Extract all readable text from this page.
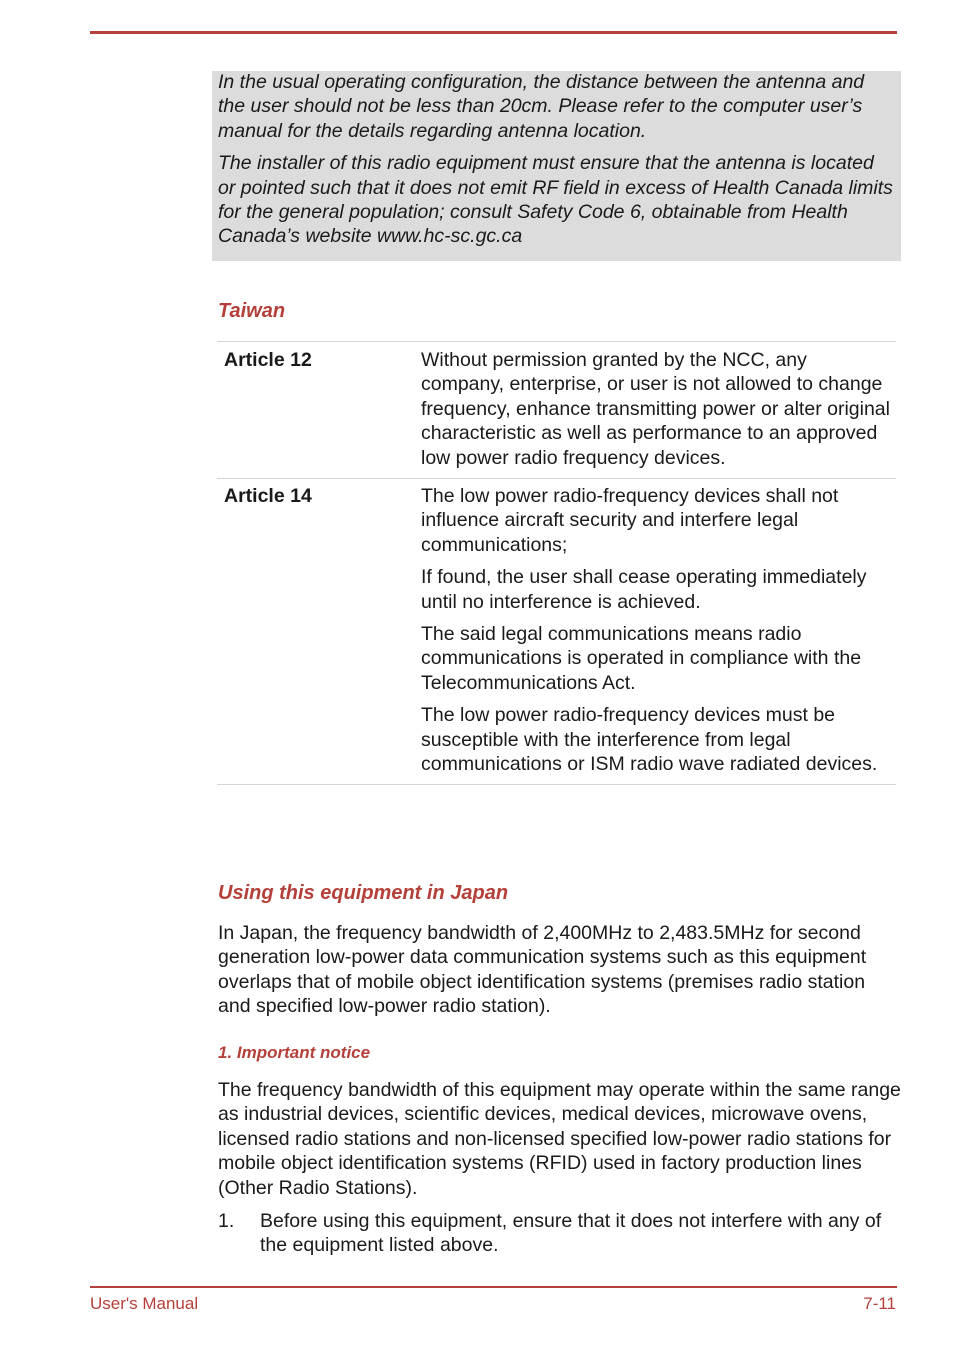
In the usual operating configuration, the distance between the antenna and the user should not be less than 20cm. Please refer to the computer user’s manual for the details regarding antenna location.

The installer of this radio equipment must ensure that the antenna is located or pointed such that it does not emit RF field in excess of Health Canada limits for the general population; consult Safety Code 6, obtainable from Health Canada’s website www.hc-sc.gc.ca

Taiwan
Article 12	Without permission granted by the NCC, any company, enterprise, or user is not allowed to change frequency, enhance transmitting power or alter original characteristic as well as performance to an approved low power radio frequency devices.

Article 14	The low power radio-frequency devices shall not influence aircraft security and interfere legal communications;

If found, the user shall cease operating immediately until no interference is achieved.

The said legal communications means radio communications is operated in compliance with the Telecommunications Act.

The low power radio-frequency devices must be susceptible with the interference from legal communications or ISM radio wave radiated devices.

Using this equipment in Japan

In Japan, the frequency bandwidth of 2,400MHz to 2,483.5MHz for second generation low-power data communication systems such as this equipment overlaps that of mobile object identification systems (premises radio station and specified low-power radio station).

1. Important notice

The frequency bandwidth of this equipment may operate within the same range as industrial devices, scientific devices, medical devices, microwave ovens, licensed radio stations and non-licensed specified low-power radio stations for mobile object identification systems (RFID) used in factory production lines (Other Radio Stations).

1. Before using this equipment, ensure that it does not interfere with any of the equipment listed above.
User's Manual	7-11
